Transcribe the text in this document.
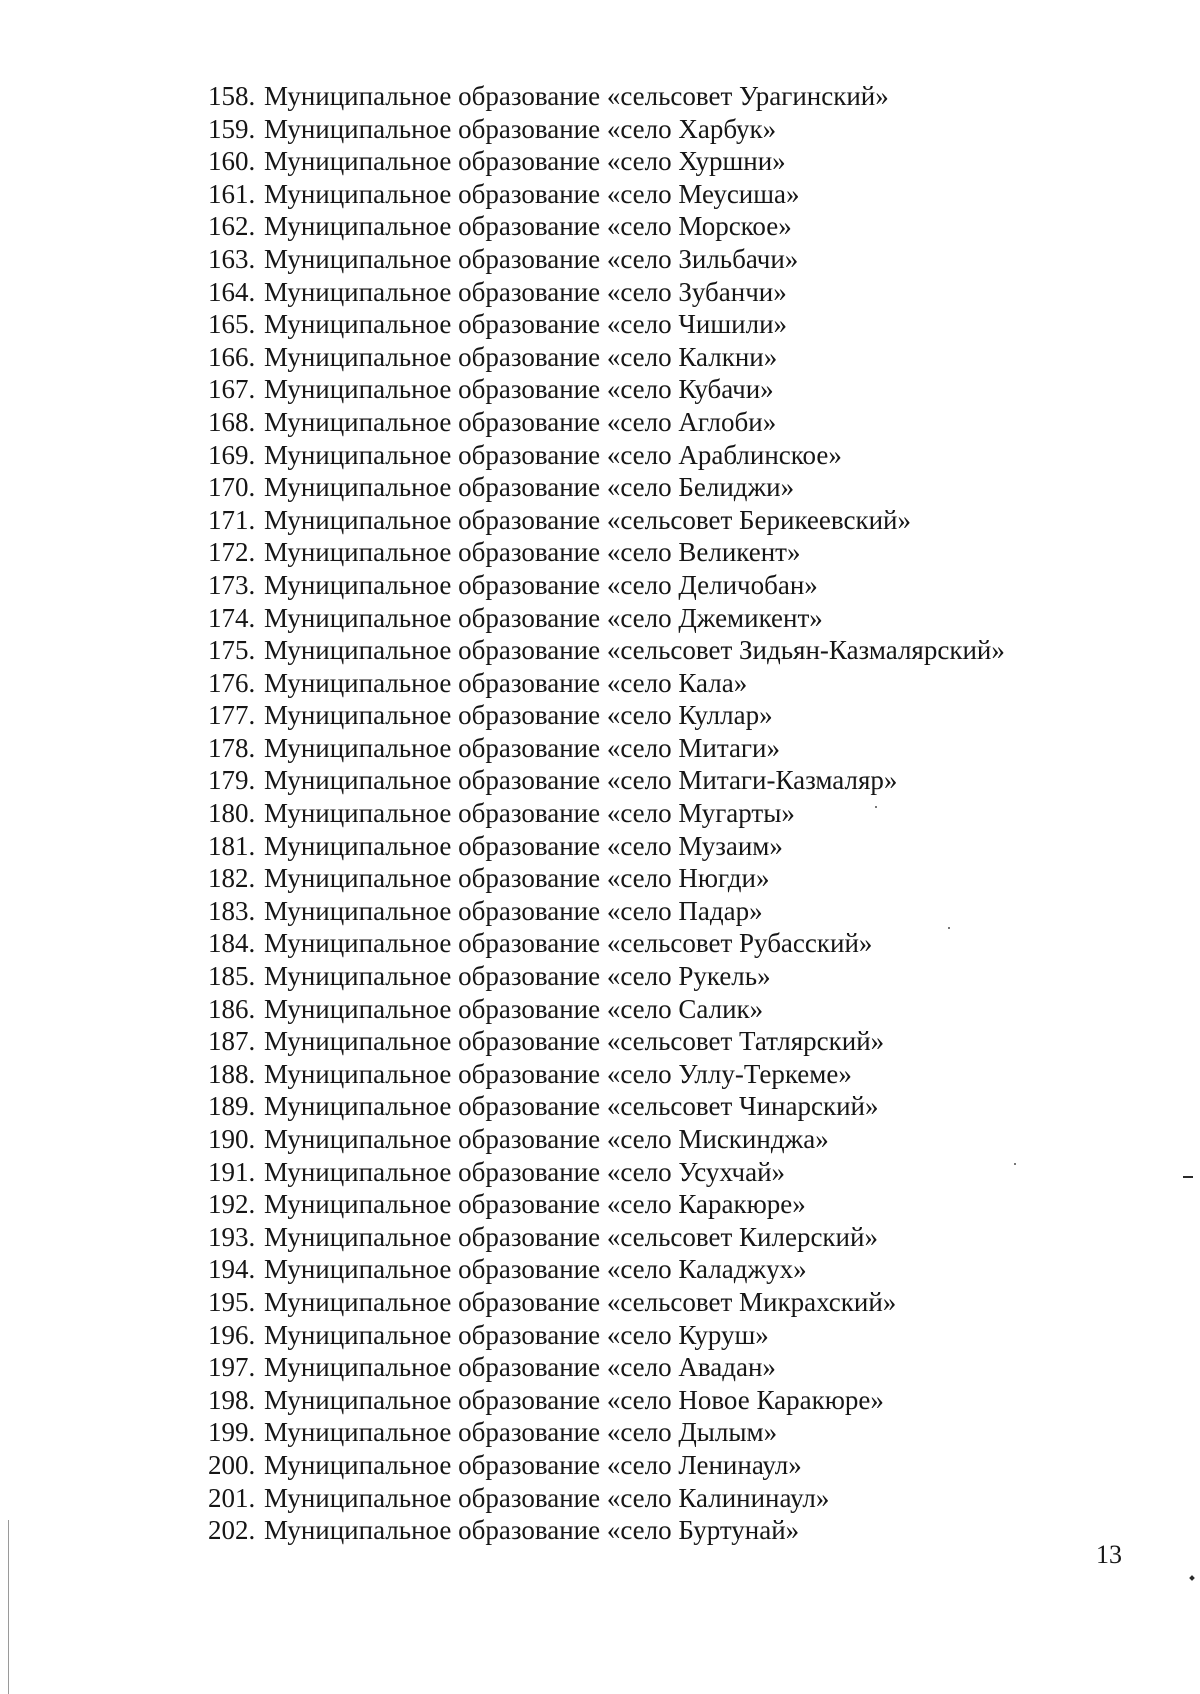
158. Муниципальное образование «сельсовет Урагинский»
159. Муниципальное образование «село Харбук»
160. Муниципальное образование «село Хуршни»
161. Муниципальное образование «село Меусиша»
162. Муниципальное образование «село Морское»
163. Муниципальное образование «село Зильбачи»
164. Муниципальное образование «село Зубанчи»
165. Муниципальное образование «село Чишили»
166. Муниципальное образование «село Калкни»
167. Муниципальное образование «село Кубачи»
168. Муниципальное образование «село Аглоби»
169. Муниципальное образование «село Араблинское»
170. Муниципальное образование «село Белиджи»
171. Муниципальное образование «сельсовет Берикеевский»
172. Муниципальное образование «село Великент»
173. Муниципальное образование «село Деличобан»
174. Муниципальное образование «село Джемикент»
175. Муниципальное образование «сельсовет Зидьян-Казмалярский»
176. Муниципальное образование «село Кала»
177. Муниципальное образование «село Куллар»
178. Муниципальное образование «село Митаги»
179. Муниципальное образование «село Митаги-Казмаляр»
180. Муниципальное образование «село Мугарты»
181. Муниципальное образование «село Музаим»
182. Муниципальное образование «село Нюгди»
183. Муниципальное образование «село Падар»
184. Муниципальное образование «сельсовет Рубасский»
185. Муниципальное образование «село Рукель»
186. Муниципальное образование «село Салик»
187. Муниципальное образование «сельсовет Татлярский»
188. Муниципальное образование «село Уллу-Теркеме»
189. Муниципальное образование «сельсовет Чинарский»
190. Муниципальное образование «село Мискинджа»
191. Муниципальное образование «село Усухчай»
192. Муниципальное образование «село Каракюре»
193. Муниципальное образование «сельсовет Килерский»
194. Муниципальное образование «село Каладжух»
195. Муниципальное образование «сельсовет Микрахский»
196. Муниципальное образование «село Куруш»
197. Муниципальное образование «село Авадан»
198. Муниципальное образование «село Новое Каракюре»
199. Муниципальное образование «село Дылым»
200. Муниципальное образование «село Ленинаул»
201. Муниципальное образование «село Калининаул»
202. Муниципальное образование «село Буртунай»
13
